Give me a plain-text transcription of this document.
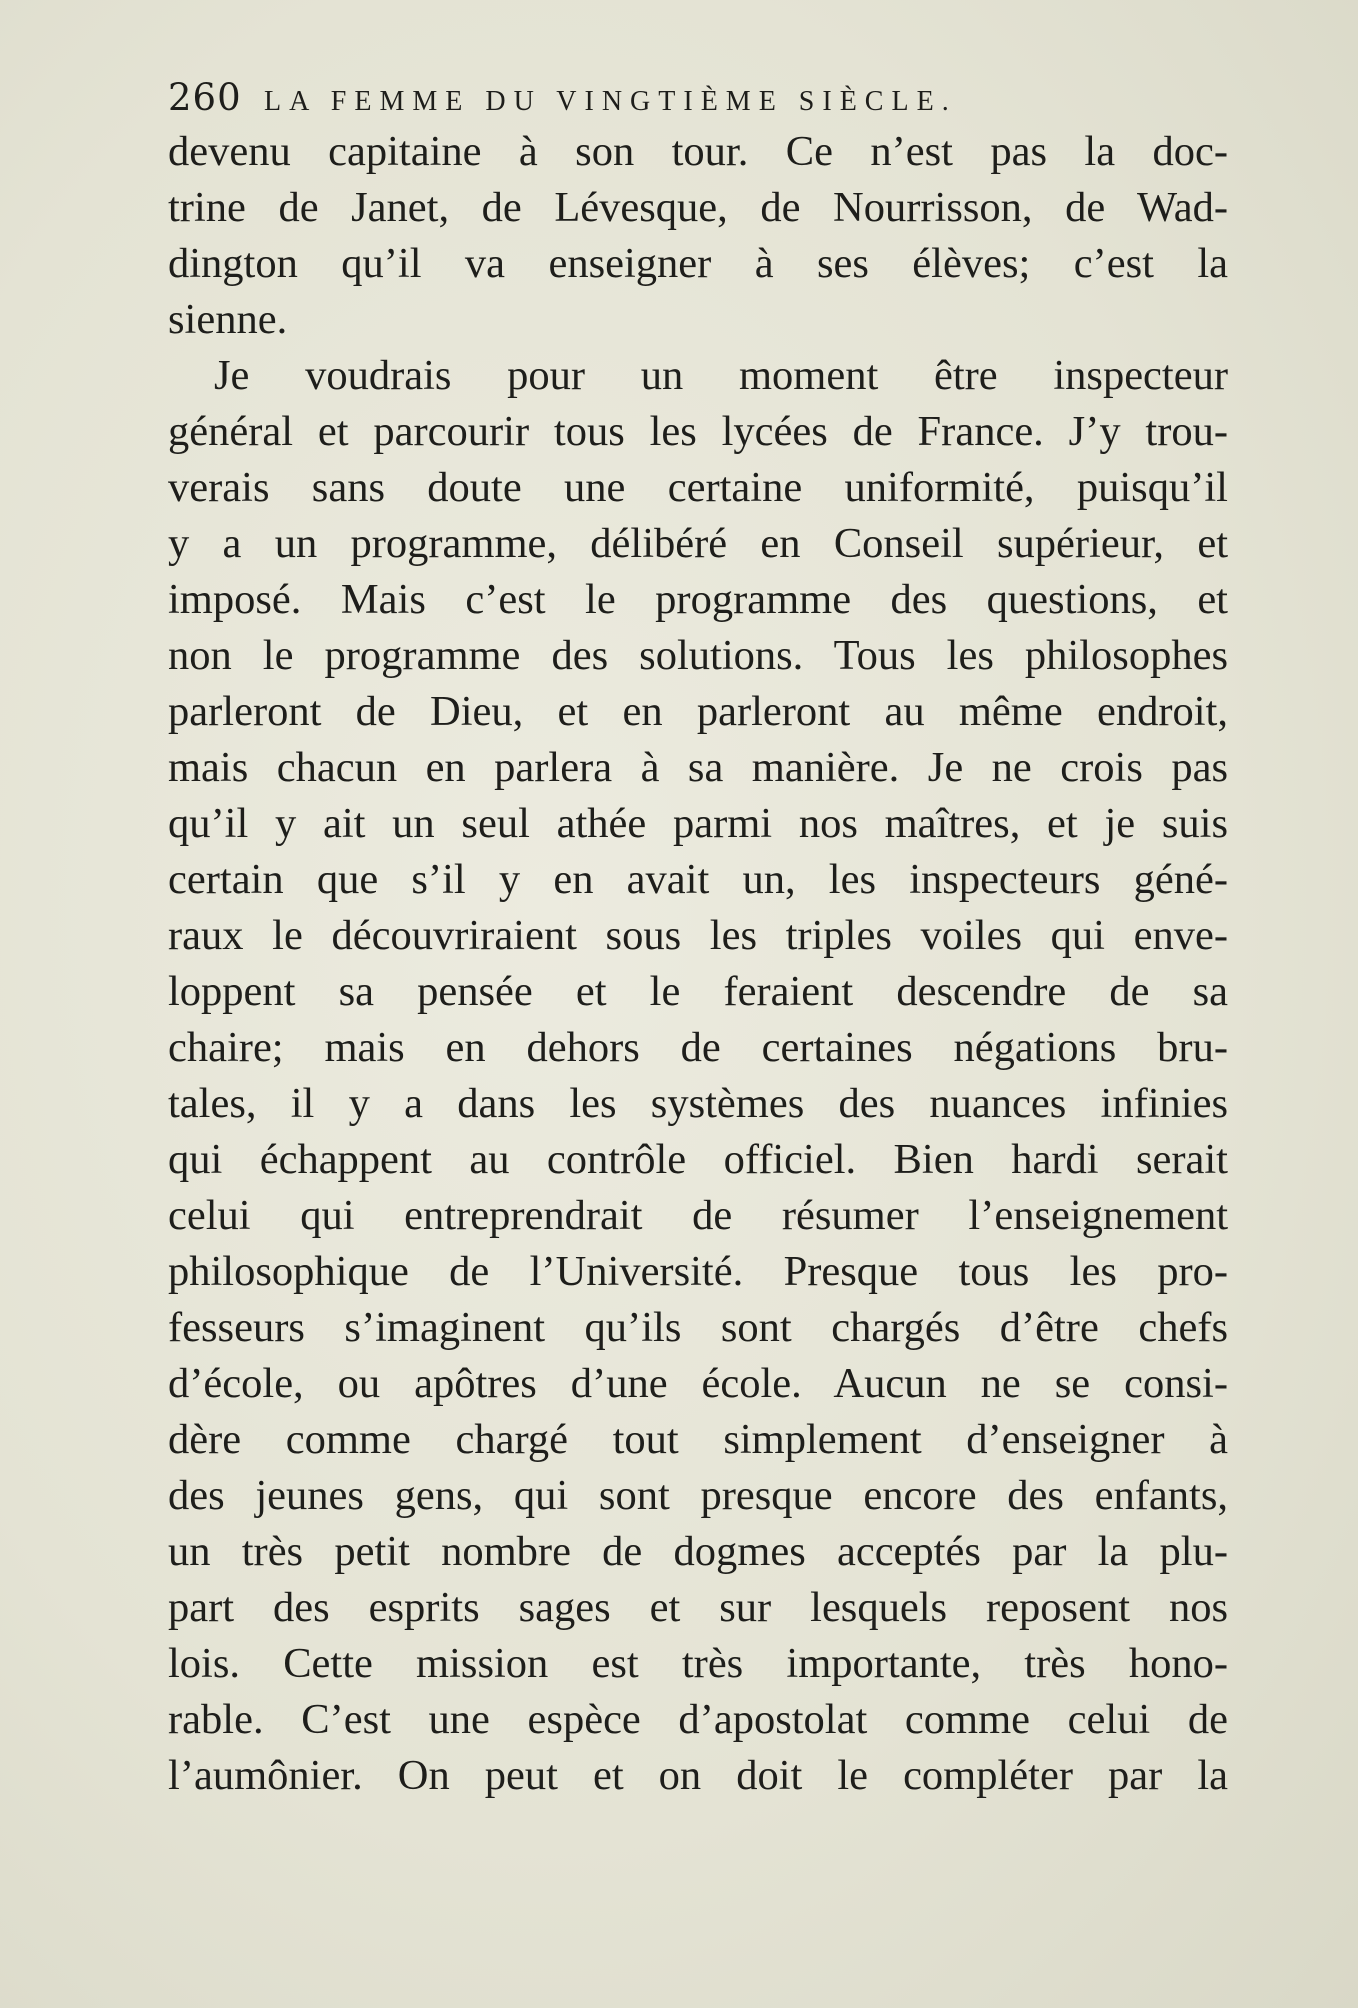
260 LA FEMME DU VINGTIÈME SIÈCLE.
devenu capitaine à son tour. Ce n’est pas la doc-
trine de Janet, de Lévesque, de Nourrisson, de Wad-
dington qu’il va enseigner à ses élèves; c’est la
sienne.
Je voudrais pour un moment être inspecteur
général et parcourir tous les lycées de France. J’y trou-
verais sans doute une certaine uniformité, puisqu’il
y a un programme, délibéré en Conseil supérieur, et
imposé. Mais c’est le programme des questions, et
non le programme des solutions. Tous les philosophes
parleront de Dieu, et en parleront au même endroit,
mais chacun en parlera à sa manière. Je ne crois pas
qu’il y ait un seul athée parmi nos maîtres, et je suis
certain que s’il y en avait un, les inspecteurs géné-
raux le découvriraient sous les triples voiles qui enve-
loppent sa pensée et le feraient descendre de sa
chaire; mais en dehors de certaines négations bru-
tales, il y a dans les systèmes des nuances infinies
qui échappent au contrôle officiel. Bien hardi serait
celui qui entreprendrait de résumer l’enseignement
philosophique de l’Université. Presque tous les pro-
fesseurs s’imaginent qu’ils sont chargés d’être chefs
d’école, ou apôtres d’une école. Aucun ne se consi-
dère comme chargé tout simplement d’enseigner à
des jeunes gens, qui sont presque encore des enfants,
un très petit nombre de dogmes acceptés par la plu-
part des esprits sages et sur lesquels reposent nos
lois. Cette mission est très importante, très hono-
rable. C’est une espèce d’apostolat comme celui de
l’aumônier. On peut et on doit le compléter par la
